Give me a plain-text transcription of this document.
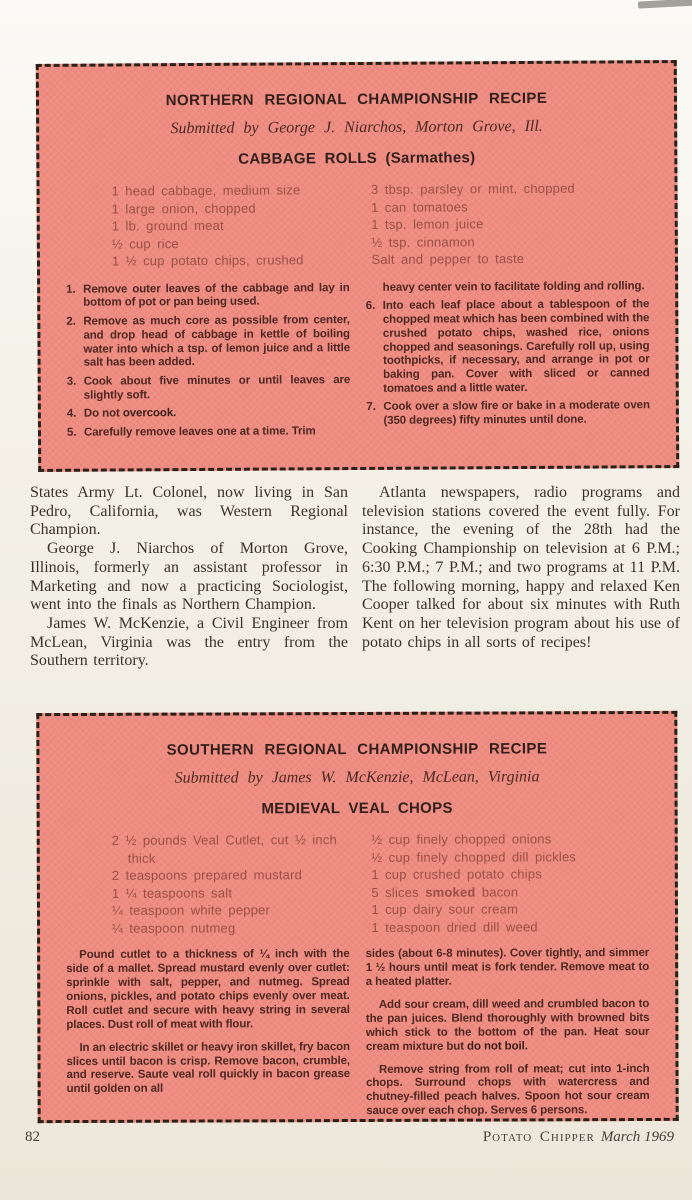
NORTHERN REGIONAL CHAMPIONSHIP RECIPE

Submitted by George J. Niarchos, Morton Grove, Ill.

CABBAGE ROLLS (Sarmathes)
1 head cabbage, medium size
1 large onion, chopped
1 lb. ground meat
½ cup rice
1 ½ cup potato chips, crushed
3 tbsp. parsley or mint, chopped
1 can tomatoes
1 tsp. lemon juice
½ tsp. cinnamon
Salt and pepper to taste
1. Remove outer leaves of the cabbage and lay in bottom of pot or pan being used.
2. Remove as much core as possible from center, and drop head of cabbage in kettle of boiling water into which a tsp. of lemon juice and a little salt has been added.
3. Cook about five minutes or until leaves are slightly soft.
4. Do not overcook.
5. Carefully remove leaves one at a time. Trim
heavy center vein to facilitate folding and rolling.
6. Into each leaf place about a tablespoon of the chopped meat which has been combined with the crushed potato chips, washed rice, onions chopped and seasonings. Carefully roll up, using toothpicks, if necessary, and arrange in pot or baking pan. Cover with sliced or canned tomatoes and a little water.
7. Cook over a slow fire or bake in a moderate oven (350 degrees) fifty minutes until done.

States Army Lt. Colonel, now living in San Pedro, California, was Western Regional Champion.

George J. Niarchos of Morton Grove, Illinois, formerly an assistant professor in Marketing and now a practicing Sociologist, went into the finals as Northern Champion.

James W. McKenzie, a Civil Engineer from McLean, Virginia was the entry from the Southern territory.

Atlanta newspapers, radio programs and television stations covered the event fully. For instance, the evening of the 28th had the Cooking Championship on television at 6 P.M.; 6:30 P.M.; 7 P.M.; and two programs at 11 P.M. The following morning, happy and relaxed Ken Cooper talked for about six minutes with Ruth Kent on her television program about his use of potato chips in all sorts of recipes!

SOUTHERN REGIONAL CHAMPIONSHIP RECIPE

Submitted by James W. McKenzie, McLean, Virginia

MEDIEVAL VEAL CHOPS
2 ½ pounds Veal Cutlet, cut ½ inch thick
2 teaspoons prepared mustard
1 ¼ teaspoons salt
¼ teaspoon white pepper
¼ teaspoon nutmeg
½ cup finely chopped onions
½ cup finely chopped dill pickles
1 cup crushed potato chips
5 slices smoked bacon
1 cup dairy sour cream
1 teaspoon dried dill weed

Pound cutlet to a thickness of ¼ inch with the side of a mallet. Spread mustard evenly over cutlet: sprinkle with salt, pepper, and nutmeg. Spread onions, pickles, and potato chips evenly over meat. Roll cutlet and secure with heavy string in several places. Dust roll of meat with flour.

In an electric skillet or heavy iron skillet, fry bacon slices until bacon is crisp. Remove bacon, crumble, and reserve. Saute veal roll quickly in bacon grease until golden on all

sides (about 6-8 minutes). Cover tightly, and simmer 1 ½ hours until meat is fork tender. Remove meat to a heated platter.

Add sour cream, dill weed and crumbled bacon to the pan juices. Blend thoroughly with browned bits which stick to the bottom of the pan. Heat sour cream mixture but do not boil.

Remove string from roll of meat; cut into 1-inch chops. Surround chops with watercress and chutney-filled peach halves. Spoon hot sour cream sauce over each chop. Serves 6 persons.

82	Potato Chipper March 1969
